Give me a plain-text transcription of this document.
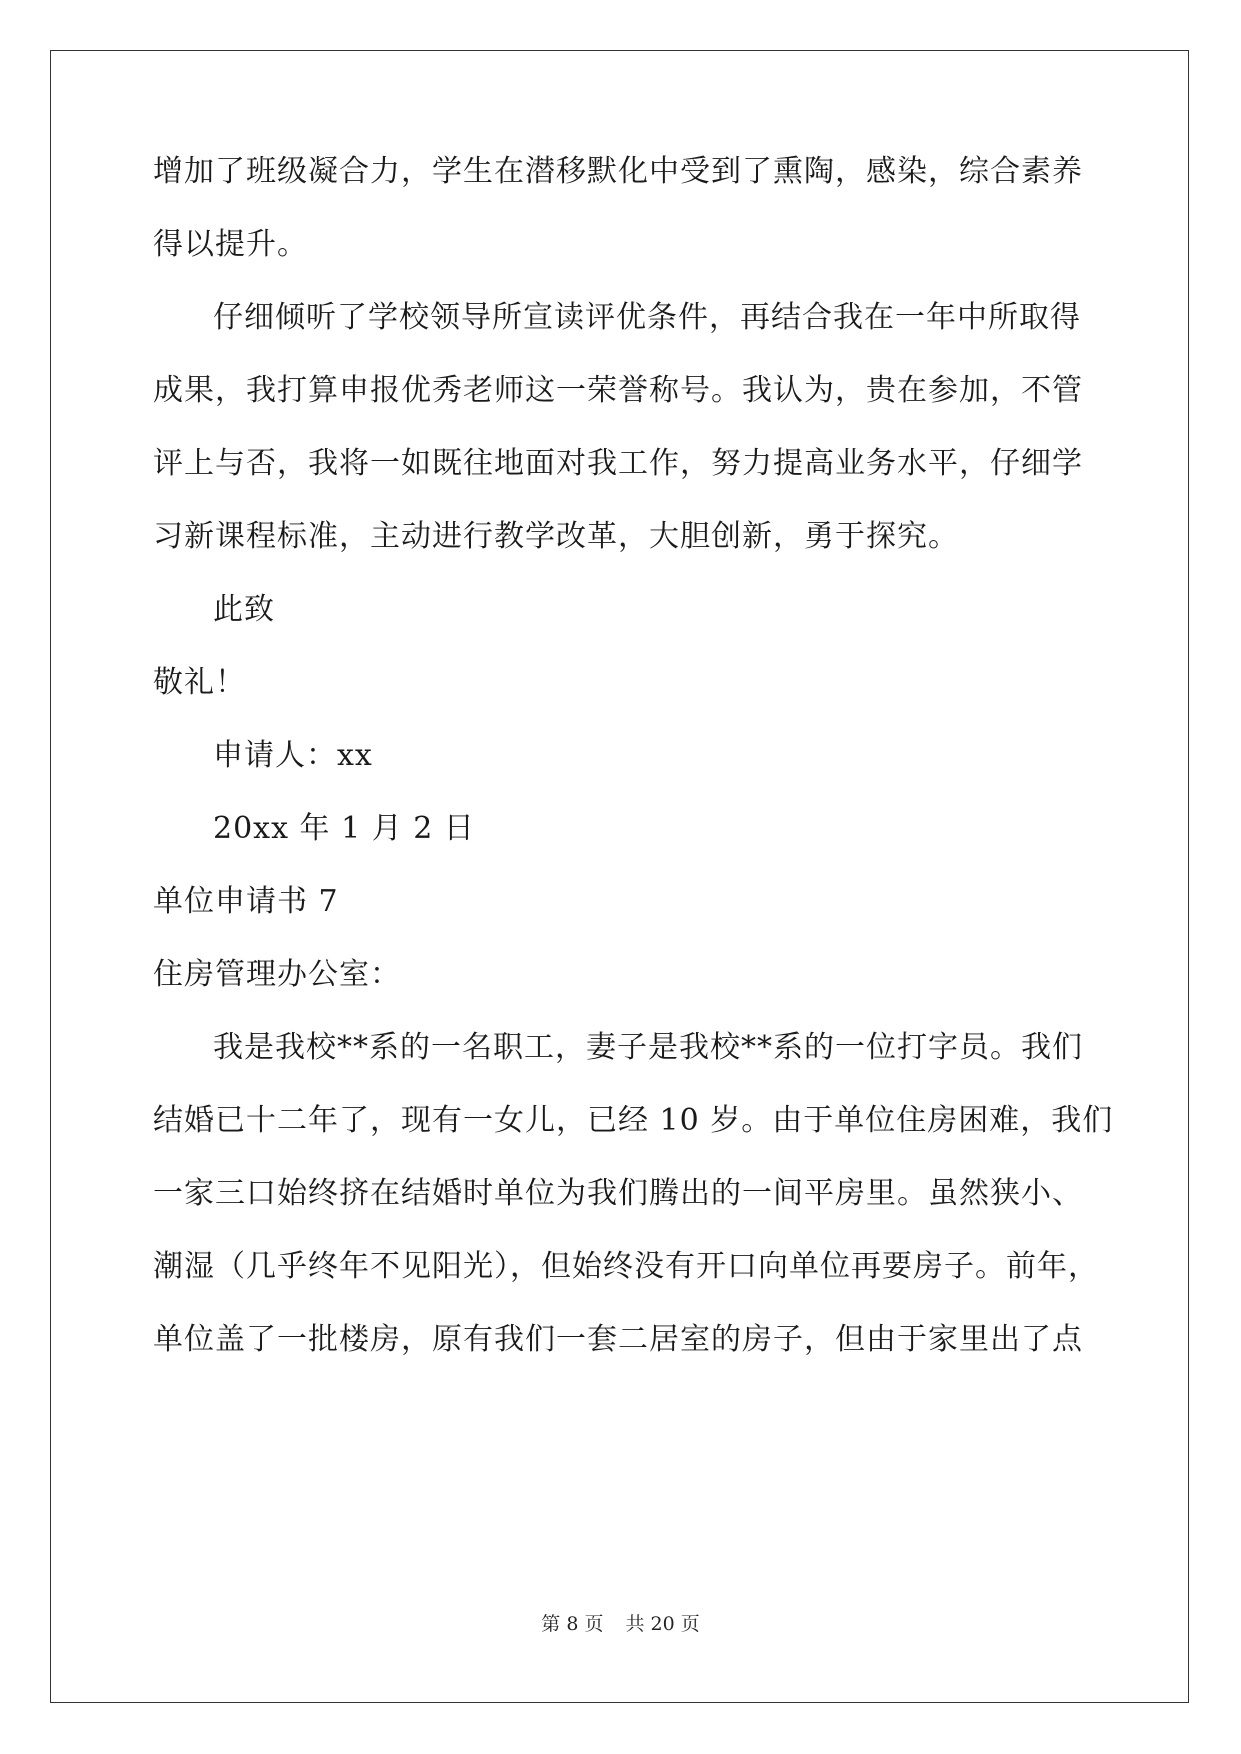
增加了班级凝合力，学生在潜移默化中受到了熏陶，感染，综合素养

得以提升。

仔细倾听了学校领导所宣读评优条件，再结合我在一年中所取得

成果，我打算申报优秀老师这一荣誉称号。我认为，贵在参加，不管

评上与否，我将一如既往地面对我工作，努力提高业务水平，仔细学

习新课程标准，主动进行教学改革，大胆创新，勇于探究。

此致

敬礼！

申请人：xx

20xx 年 1 月 2 日

单位申请书 7

住房管理办公室：

我是我校**系的一名职工，妻子是我校**系的一位打字员。我们

结婚已十二年了，现有一女儿，已经 10 岁。由于单位住房困难，我们

一家三口始终挤在结婚时单位为我们腾出的一间平房里。虽然狭小、

潮湿（几乎终年不见阳光），但始终没有开口向单位再要房子。前年，

单位盖了一批楼房，原有我们一套二居室的房子，但由于家里出了点

第 8 页 共 20 页
